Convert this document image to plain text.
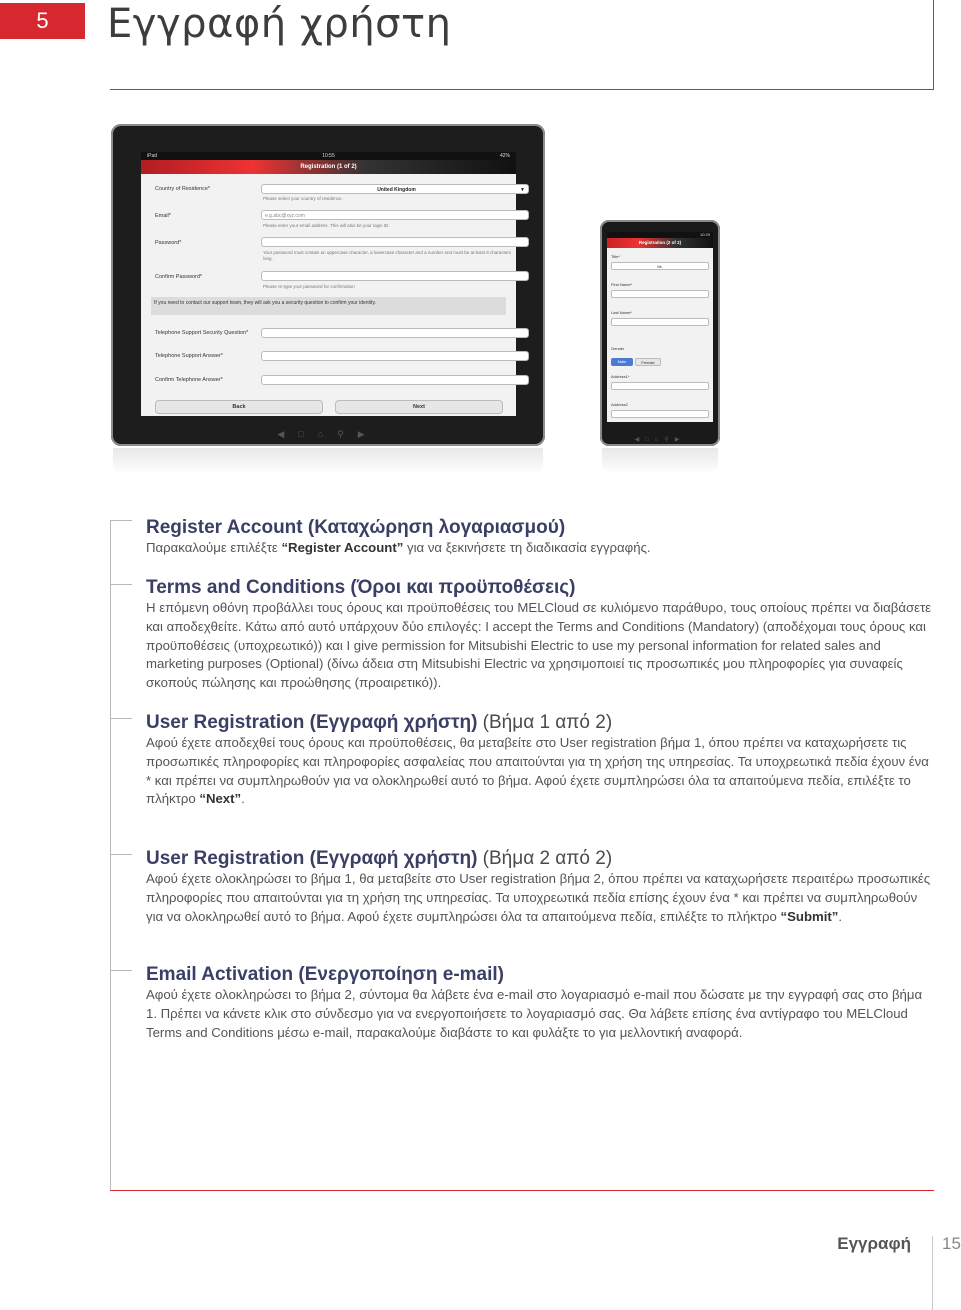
5	Εγγραφή χρήστη
iPad	10:55	42%
Registration (1 of 2)
Country of Residence*	United Kingdom	▼
Please select your country of residence.
Email*	e.g.abc@xyz.com
Please enter your email address. This will also be your login ID.
Password*
Your password must contain an uppercase character, a lowercase character and a number and must be at least 8 characters long.
Confirm Password*
Please re-type your password for confirmation
If you need to contact our support team, they will ask you a security question to confirm your identity.
Telephone Support Security Question*
Telephone Support Answer*
Confirm Telephone Answer*
Back	Next
◀□⌂⚲▶
10:29
Registration (2 of 2)
Title*
Mr.
First Name*
Last Name*
Gender
Male	Female
Address1*
Address2
◀□⌂⚲▶
Register Account (Καταχώρηση λογαριασμού)

Παρακαλούμε επιλέξτε “Register Account” για να ξεκινήσετε τη διαδικασία εγγραφής.

Terms and Conditions (Όροι και προϋποθέσεις)

Η επόμενη οθόνη προβάλλει τους όρους και προϋποθέσεις του MELCloud σε κυλιόμενο παράθυρο, τους οποίους πρέπει να διαβάσετε και αποδεχθείτε. Κάτω από αυτό υπάρχουν δύο επιλογές: I accept the Terms and Conditions (Mandatory) (αποδέχομαι τους όρους και προϋποθέσεις (υποχρεωτικό)) και I give permission for Mitsubishi Electric to use my personal information for related sales and marketing purposes (Optional) (δίνω άδεια στη Mitsubishi Electric να χρησιμοποιεί τις προσωπικές μου πληροφορίες για συναφείς σκοπούς πώλησης και προώθησης (προαιρετικό)).

User Registration (Εγγραφή χρήστη) (Βήμα 1 από 2)

Αφού έχετε αποδεχθεί τους όρους και προϋποθέσεις, θα μεταβείτε στο User registration βήμα 1, όπου πρέπει να καταχωρήσετε τις προσωπικές πληροφορίες και πληροφορίες ασφαλείας που απαιτούνται για τη χρήση της υπηρεσίας. Τα υποχρεωτικά πεδία έχουν ένα * και πρέπει να συμπληρωθούν για να ολοκληρωθεί αυτό το βήμα. Αφού έχετε συμπληρώσει όλα τα απαιτούμενα πεδία, επιλέξτε το πλήκτρο “Next”.

User Registration (Εγγραφή χρήστη) (Βήμα 2 από 2)

Αφού έχετε ολοκληρώσει το βήμα 1, θα μεταβείτε στο User registration βήμα 2, όπου πρέπει να καταχωρήσετε περαιτέρω προσωπικές πληροφορίες που απαιτούνται για τη χρήση της υπηρεσίας. Τα υποχρεωτικά πεδία επίσης έχουν ένα * και πρέπει να συμπληρωθούν για να ολοκληρωθεί αυτό το βήμα. Αφού έχετε συμπληρώσει όλα τα απαιτούμενα πεδία, επιλέξτε το πλήκτρο “Submit”.

Email Activation (Ενεργοποίηση e-mail)

Αφού έχετε ολοκληρώσει το βήμα 2, σύντομα θα λάβετε ένα e-mail στο λογαριασμό e-mail που δώσατε με την εγγραφή σας στο βήμα 1. Πρέπει να κάνετε κλικ στο σύνδεσμο για να ενεργοποιήσετε το λογαριασμό σας. Θα λάβετε επίσης ένα αντίγραφο του MELCloud Terms and Conditions μέσω e-mail, παρακαλούμε διαβάστε το και φυλάξτε το για μελλοντική αναφορά.

Εγγραφή 15
